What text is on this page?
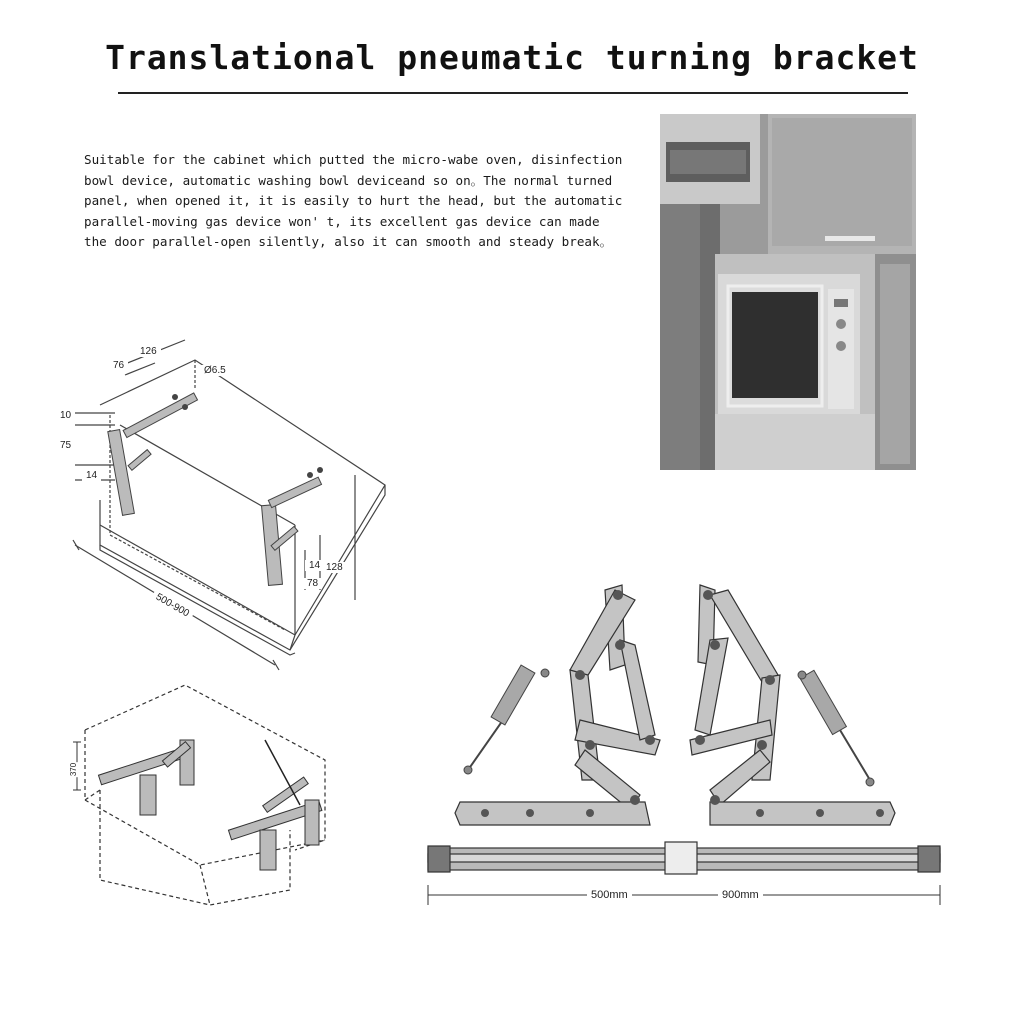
Translational pneumatic turning bracket
Suitable for the cabinet which putted the micro-wabe oven, disinfection
bowl device, automatic washing bowl deviceand so on。The normal turned
panel, when opened it, it is easily to hurt the head, but the automatic
parallel-moving gas device won' t, its excellent gas device can made
the door parallel-open silently, also it can smooth and steady break。
76
126
Ø6.5
10
75
14
14
78
128
500-900
370
500mm	900mm
